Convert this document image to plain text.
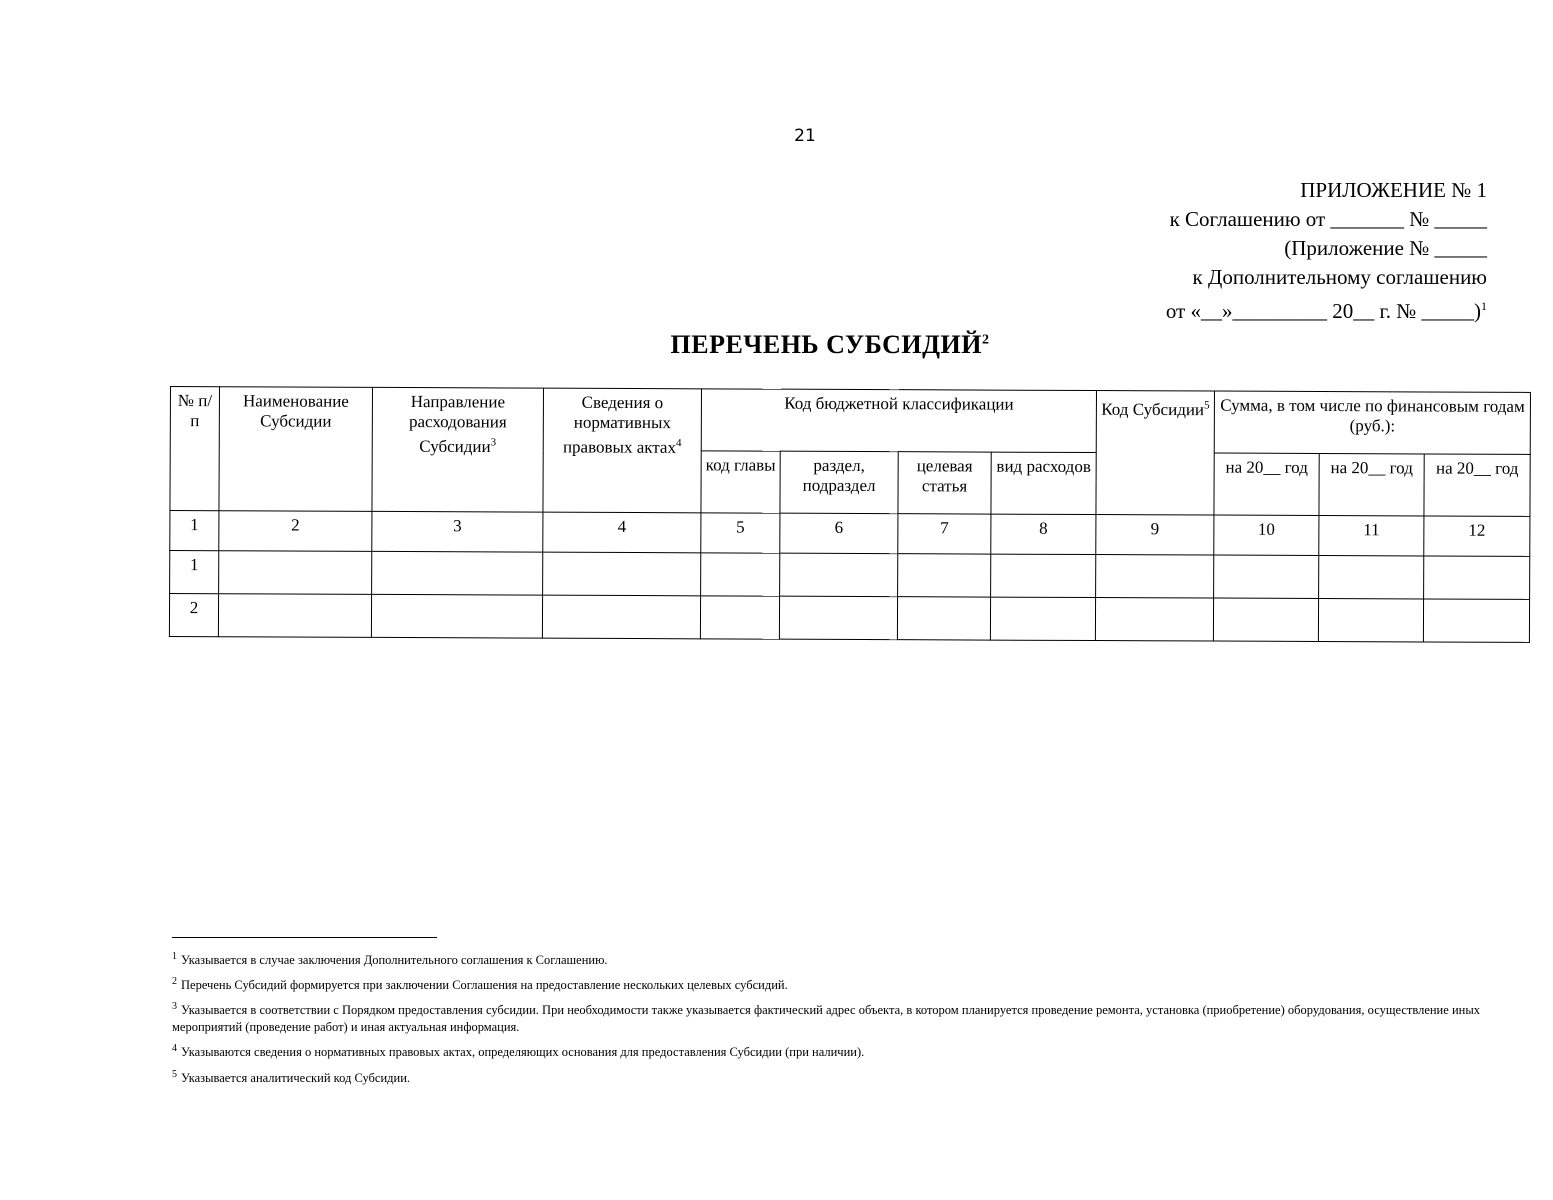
21
ПРИЛОЖЕНИЕ № 1
к Соглашению от _______ № _____
(Приложение № _____
к Дополнительному соглашению
от «__»_________ 20__ г. № _____)$^1$
ПЕРЕЧЕНЬ СУБСИДИЙ$^2$
№ п/п	Наименование Субсидии	Направление расходования Субсидии$^3$	Сведения о нормативных правовых актах$^4$	Код бюджетной классификации				Код Субсидии$^5$	Сумма, в том числе по финансовым годам (руб.):		
				код главы	раздел, подраздел	целевая статья	вид расходов		на 20__ год	на 20__ год	на 20__ год
1	2	3	4	5	6	7	8	9	10	11	12
1											
2											

$^1$ Указывается в случае заключения Дополнительного соглашения к Соглашению.

$^2$ Перечень Субсидий формируется при заключении Соглашения на предоставление нескольких целевых субсидий.

$^3$ Указывается в соответствии с Порядком предоставления субсидии. При необходимости также указывается фактический адрес объекта, в котором планируется проведение ремонта, установка (приобретение) оборудования, осуществление иных мероприятий (проведение работ) и иная актуальная информация.

$^4$ Указываются сведения о нормативных правовых актах, определяющих основания для предоставления Субсидии (при наличии).

$^5$ Указывается аналитический код Субсидии.
